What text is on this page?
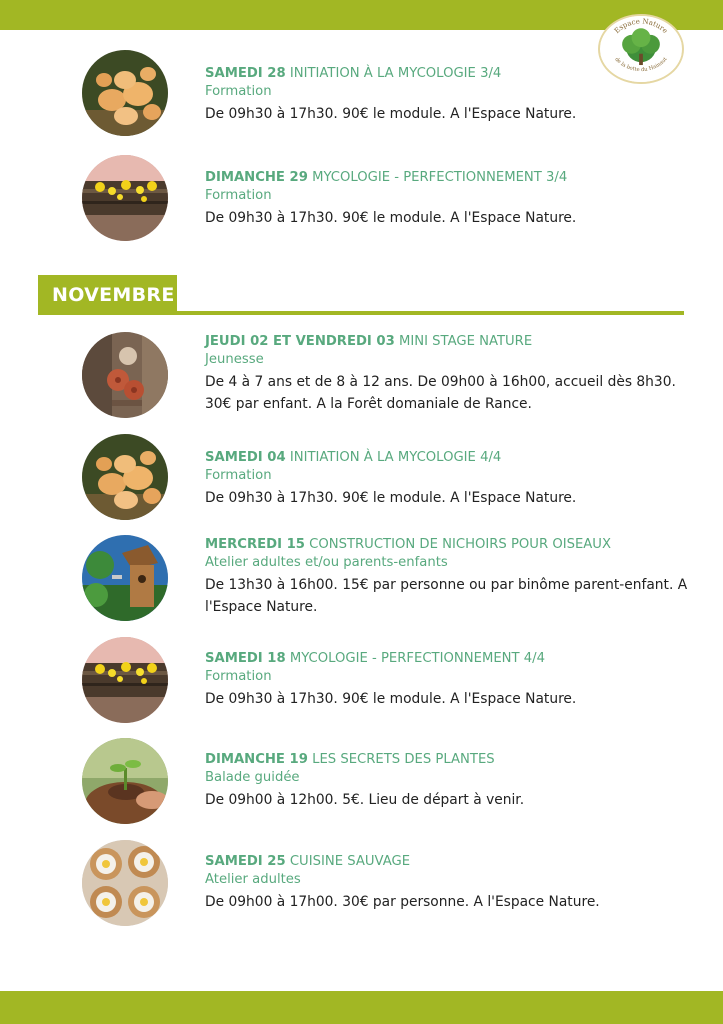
Espace Nature
de la botte du Hainaut
SAMEDI 28 INITIATION À LA MYCOLOGIE 3/4
Formation
De 09h30 à 17h30. 90€ le module. A l'Espace Nature.
DIMANCHE 29 MYCOLOGIE - PERFECTIONNEMENT 3/4
Formation
De 09h30 à 17h30. 90€ le module. A l'Espace Nature.
NOVEMBRE
JEUDI 02 ET VENDREDI 03 MINI STAGE NATURE
Jeunesse
De 4 à 7 ans et de 8 à 12 ans. De 09h00 à 16h00, accueil dès 8h30. 30€ par enfant. A la Forêt domaniale de Rance.
SAMEDI 04 INITIATION À LA MYCOLOGIE 4/4
Formation
De 09h30 à 17h30. 90€ le module. A l'Espace Nature.
MERCREDI 15 CONSTRUCTION DE NICHOIRS POUR OISEAUX
Atelier adultes et/ou parents-enfants
De 13h30 à 16h00. 15€ par personne ou par binôme parent-enfant. A l'Espace Nature.
SAMEDI 18 MYCOLOGIE - PERFECTIONNEMENT 4/4
Formation
De 09h30 à 17h30. 90€ le module. A l'Espace Nature.
DIMANCHE 19 LES SECRETS DES PLANTES
Balade guidée
De 09h00 à 12h00. 5€. Lieu de départ à venir.
SAMEDI 25 CUISINE SAUVAGE
Atelier adultes
De 09h00 à 17h00. 30€ par personne. A l'Espace Nature.
